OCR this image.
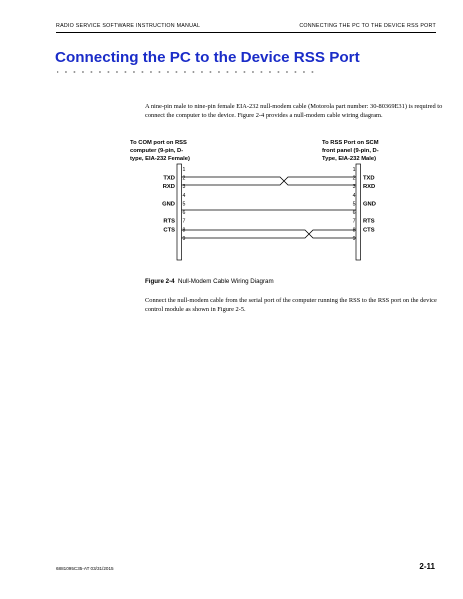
RADIO SERVICE SOFTWARE INSTRUCTION MANUAL	CONNECTING THE PC TO THE DEVICE RSS PORT
Connecting the PC to the Device RSS Port

A nine-pin male to nine-pin female EIA-232 null-modem cable (Motorola part number: 30-80369E31) is required to connect the computer to the device. Figure 2-4 provides a null-modem cable wiring diagram.

To COM port on RSS
computer (9-pin, D-
type, EIA-232 Female)
To RSS Port on SCM
front panel (9-pin, D-
Type, EIA-232 Male)
1
2
3
4
5
6
7
8
9
1
2
3
4
5
6
7
8
9
TXD
RXD
GND
RTS
CTS
TXD
RXD
GND
RTS
CTS
Figure 2-4 Null-Modem Cable Wiring Diagram

Connect the null-modem cable from the serial port of the computer running the RSS to the RSS port on the device control module as shown in Figure 2-5.

6881095C35-AT 03/31/2015	2-11
